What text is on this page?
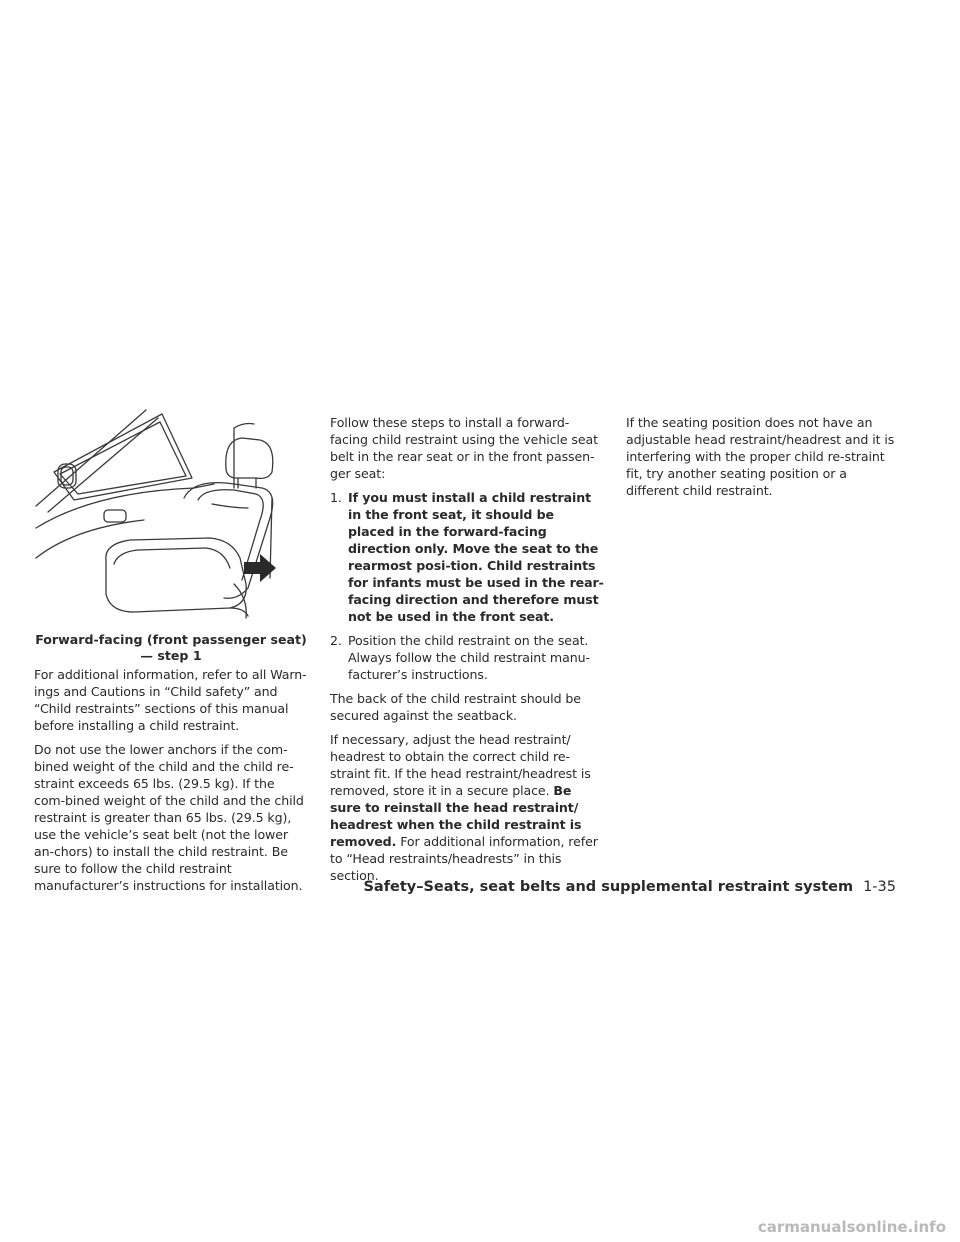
Forward-facing (front passenger seat)
— step 1

For additional information, refer to all Warn-ings and Cautions in “Child safety” and “Child restraints” sections of this manual before installing a child restraint.

Do not use the lower anchors if the com-bined weight of the child and the child re-straint exceeds 65 lbs. (29.5 kg). If the com-bined weight of the child and the child restraint is greater than 65 lbs. (29.5 kg), use the vehicle’s seat belt (not the lower an-chors) to install the child restraint. Be sure to follow the child restraint manufacturer’s instructions for installation.

Follow these steps to install a forward-facing child restraint using the vehicle seat belt in the rear seat or in the front passen-ger seat:

1. If you must install a child restraint in the front seat, it should be placed in the forward-facing direction only. Move the seat to the rearmost posi-tion. Child restraints for infants must be used in the rear-facing direction and therefore must not be used in the front seat.
2. Position the child restraint on the seat. Always follow the child restraint manu-facturer’s instructions.

The back of the child restraint should be secured against the seatback.

If necessary, adjust the head restraint/ headrest to obtain the correct child re-straint fit. If the head restraint/headrest is removed, store it in a secure place. Be sure to reinstall the head restraint/ headrest when the child restraint is removed. For additional information, refer to “Head restraints/headrests” in this section.

If the seating position does not have an adjustable head restraint/headrest and it is interfering with the proper child re-straint fit, try another seating position or a different child restraint.

Safety–Seats, seat belts and supplemental restraint system 1-35
carmanualsonline.info
